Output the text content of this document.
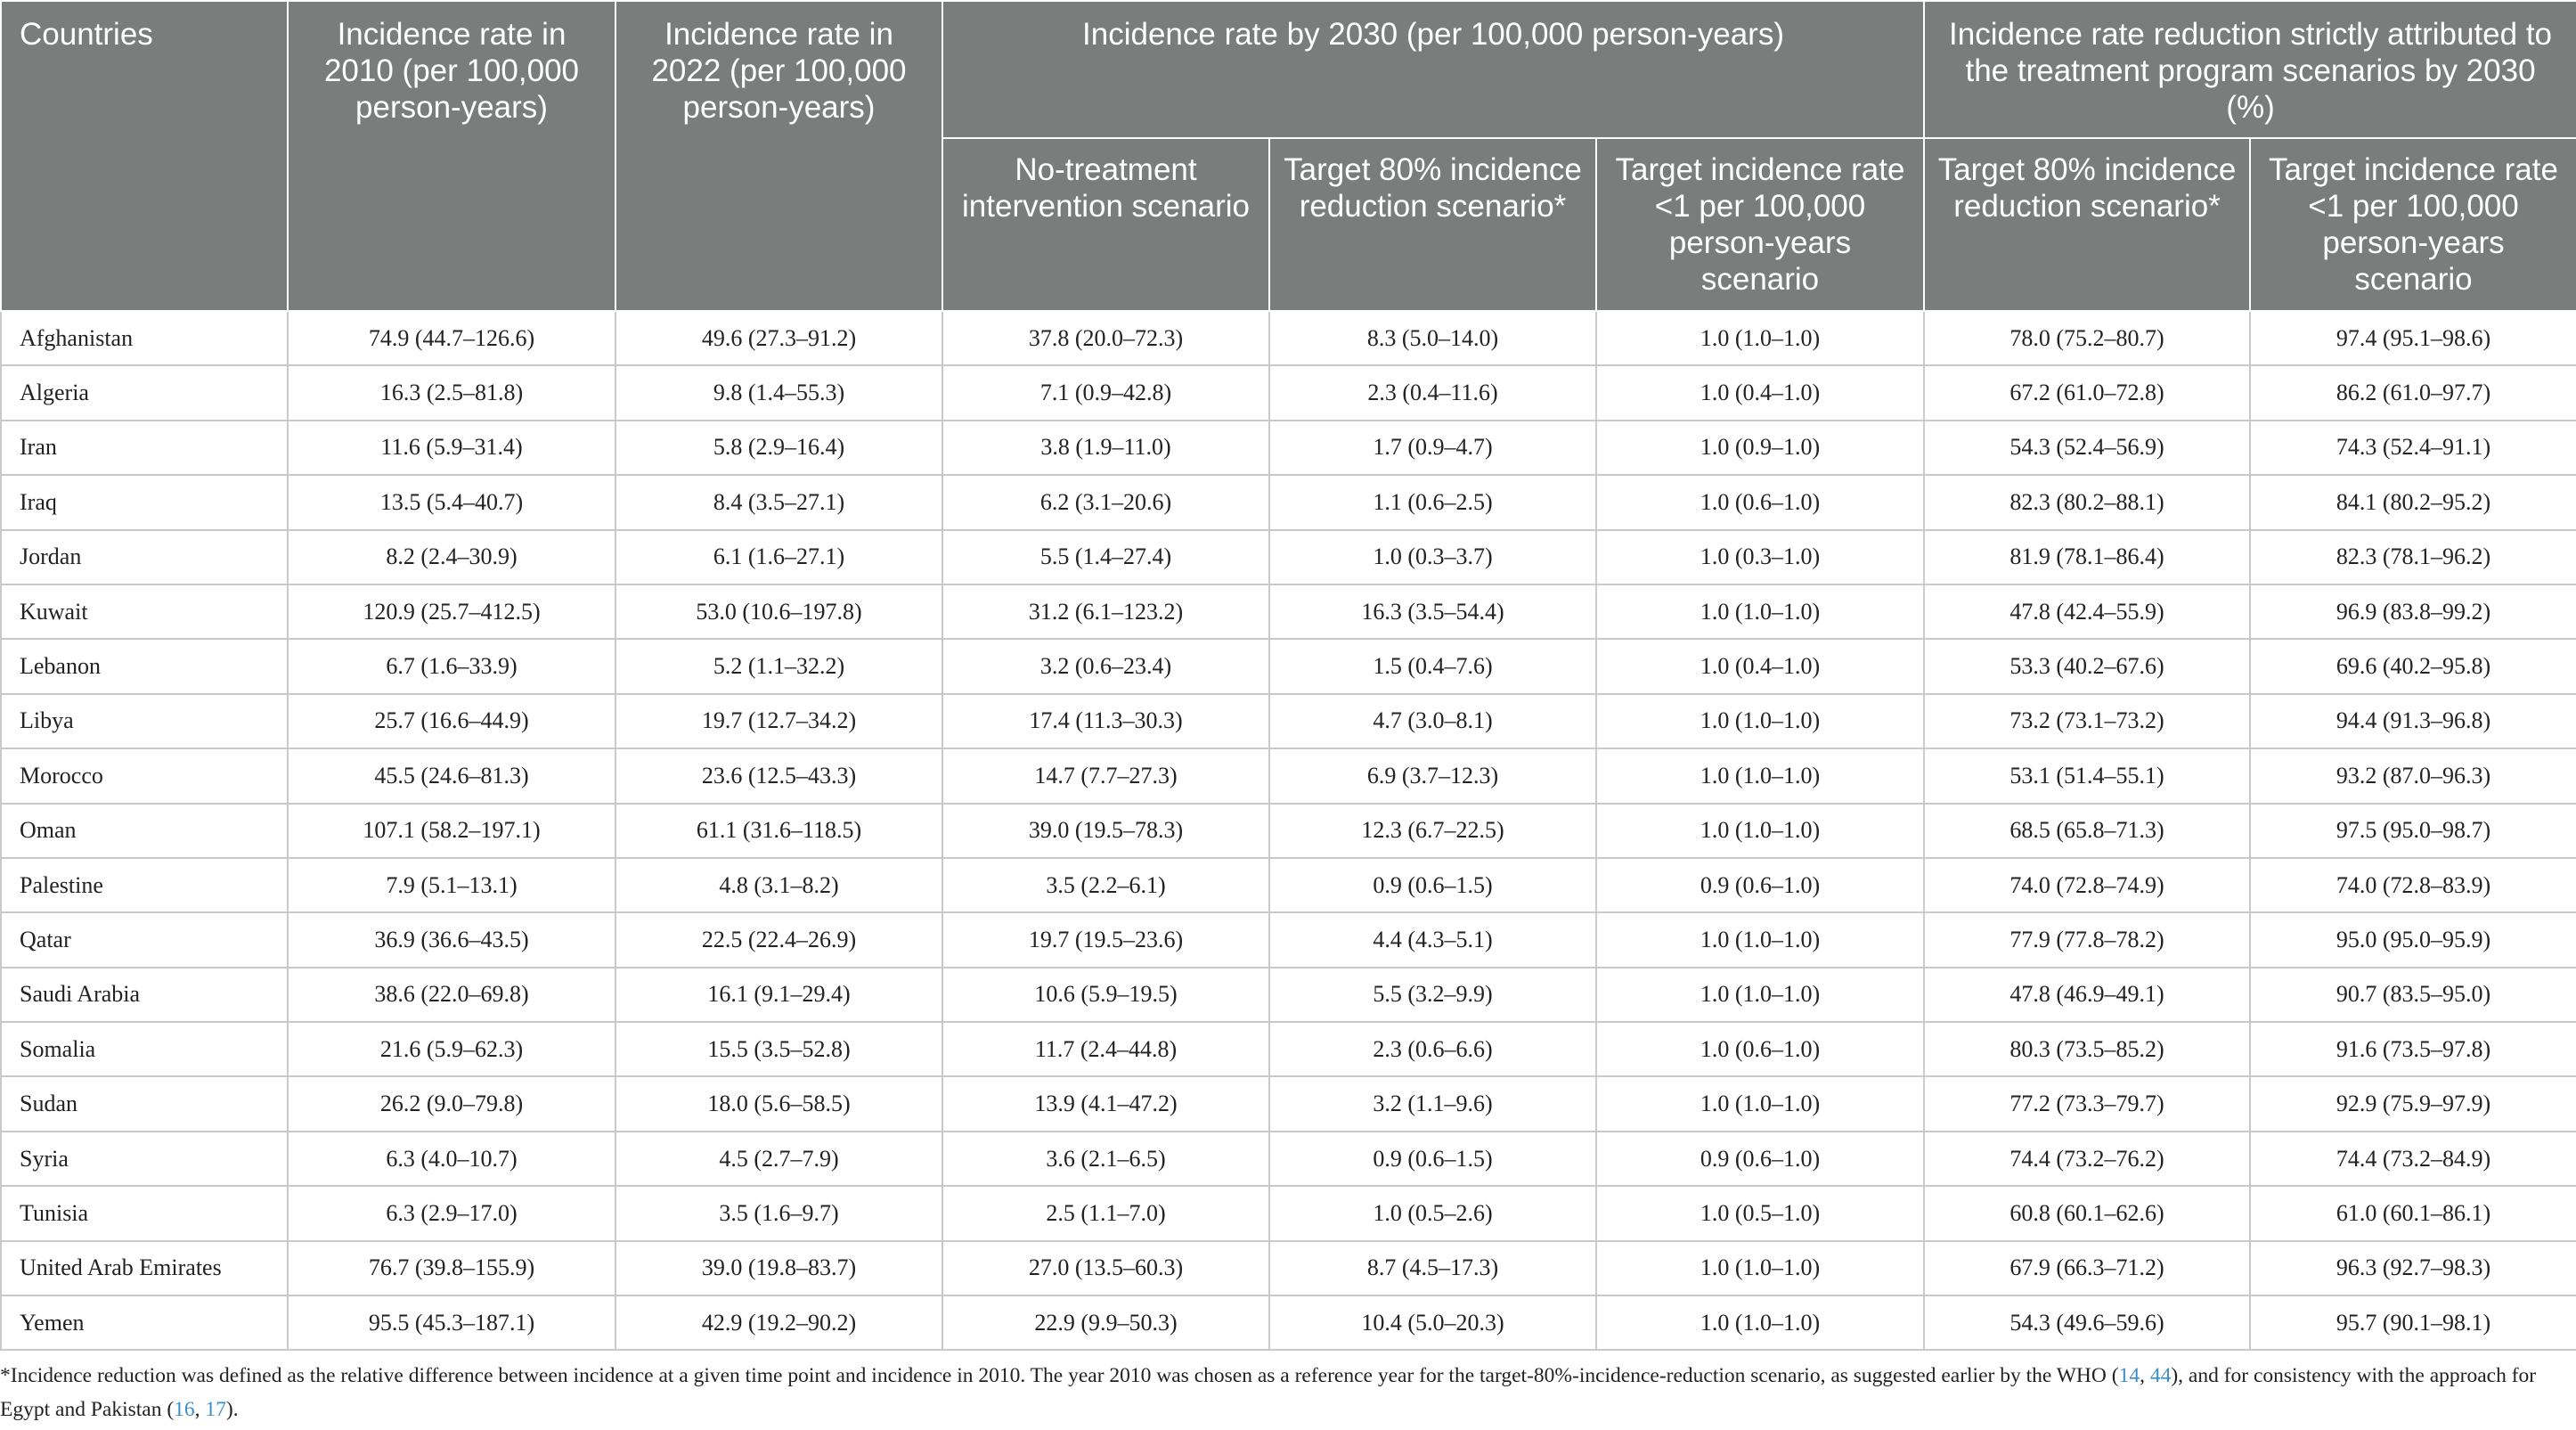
Countries	Incidence rate in 2010 (per 100,000 person-years)	Incidence rate in 2022 (per 100,000 person-years)	Incidence rate by 2030 (per 100,000 person-years)			Incidence rate reduction strictly attributed to the treatment program scenarios by 2030 (%)	
			No-treatment intervention scenario	Target 80% incidence reduction scenario*	Target incidence rate <1 per 100,000 person-years scenario	Target 80% incidence reduction scenario*	Target incidence rate <1 per 100,000 person-years scenario
Afghanistan	74.9 (44.7–126.6)	49.6 (27.3–91.2)	37.8 (20.0–72.3)	8.3 (5.0–14.0)	1.0 (1.0–1.0)	78.0 (75.2–80.7)	97.4 (95.1–98.6)
Algeria	16.3 (2.5–81.8)	9.8 (1.4–55.3)	7.1 (0.9–42.8)	2.3 (0.4–11.6)	1.0 (0.4–1.0)	67.2 (61.0–72.8)	86.2 (61.0–97.7)
Iran	11.6 (5.9–31.4)	5.8 (2.9–16.4)	3.8 (1.9–11.0)	1.7 (0.9–4.7)	1.0 (0.9–1.0)	54.3 (52.4–56.9)	74.3 (52.4–91.1)
Iraq	13.5 (5.4–40.7)	8.4 (3.5–27.1)	6.2 (3.1–20.6)	1.1 (0.6–2.5)	1.0 (0.6–1.0)	82.3 (80.2–88.1)	84.1 (80.2–95.2)
Jordan	8.2 (2.4–30.9)	6.1 (1.6–27.1)	5.5 (1.4–27.4)	1.0 (0.3–3.7)	1.0 (0.3–1.0)	81.9 (78.1–86.4)	82.3 (78.1–96.2)
Kuwait	120.9 (25.7–412.5)	53.0 (10.6–197.8)	31.2 (6.1–123.2)	16.3 (3.5–54.4)	1.0 (1.0–1.0)	47.8 (42.4–55.9)	96.9 (83.8–99.2)
Lebanon	6.7 (1.6–33.9)	5.2 (1.1–32.2)	3.2 (0.6–23.4)	1.5 (0.4–7.6)	1.0 (0.4–1.0)	53.3 (40.2–67.6)	69.6 (40.2–95.8)
Libya	25.7 (16.6–44.9)	19.7 (12.7–34.2)	17.4 (11.3–30.3)	4.7 (3.0–8.1)	1.0 (1.0–1.0)	73.2 (73.1–73.2)	94.4 (91.3–96.8)
Morocco	45.5 (24.6–81.3)	23.6 (12.5–43.3)	14.7 (7.7–27.3)	6.9 (3.7–12.3)	1.0 (1.0–1.0)	53.1 (51.4–55.1)	93.2 (87.0–96.3)
Oman	107.1 (58.2–197.1)	61.1 (31.6–118.5)	39.0 (19.5–78.3)	12.3 (6.7–22.5)	1.0 (1.0–1.0)	68.5 (65.8–71.3)	97.5 (95.0–98.7)
Palestine	7.9 (5.1–13.1)	4.8 (3.1–8.2)	3.5 (2.2–6.1)	0.9 (0.6–1.5)	0.9 (0.6–1.0)	74.0 (72.8–74.9)	74.0 (72.8–83.9)
Qatar	36.9 (36.6–43.5)	22.5 (22.4–26.9)	19.7 (19.5–23.6)	4.4 (4.3–5.1)	1.0 (1.0–1.0)	77.9 (77.8–78.2)	95.0 (95.0–95.9)
Saudi Arabia	38.6 (22.0–69.8)	16.1 (9.1–29.4)	10.6 (5.9–19.5)	5.5 (3.2–9.9)	1.0 (1.0–1.0)	47.8 (46.9–49.1)	90.7 (83.5–95.0)
Somalia	21.6 (5.9–62.3)	15.5 (3.5–52.8)	11.7 (2.4–44.8)	2.3 (0.6–6.6)	1.0 (0.6–1.0)	80.3 (73.5–85.2)	91.6 (73.5–97.8)
Sudan	26.2 (9.0–79.8)	18.0 (5.6–58.5)	13.9 (4.1–47.2)	3.2 (1.1–9.6)	1.0 (1.0–1.0)	77.2 (73.3–79.7)	92.9 (75.9–97.9)
Syria	6.3 (4.0–10.7)	4.5 (2.7–7.9)	3.6 (2.1–6.5)	0.9 (0.6–1.5)	0.9 (0.6–1.0)	74.4 (73.2–76.2)	74.4 (73.2–84.9)
Tunisia	6.3 (2.9–17.0)	3.5 (1.6–9.7)	2.5 (1.1–7.0)	1.0 (0.5–2.6)	1.0 (0.5–1.0)	60.8 (60.1–62.6)	61.0 (60.1–86.1)
United Arab Emirates	76.7 (39.8–155.9)	39.0 (19.8–83.7)	27.0 (13.5–60.3)	8.7 (4.5–17.3)	1.0 (1.0–1.0)	67.9 (66.3–71.2)	96.3 (92.7–98.3)
Yemen	95.5 (45.3–187.1)	42.9 (19.2–90.2)	22.9 (9.9–50.3)	10.4 (5.0–20.3)	1.0 (1.0–1.0)	54.3 (49.6–59.6)	95.7 (90.1–98.1)
*Incidence reduction was defined as the relative difference between incidence at a given time point and incidence in 2010. The year 2010 was chosen as a reference year for the target-80%-incidence-reduction scenario, as suggested earlier by the WHO (14, 44), and for consistency with the approach for Egypt and Pakistan (16, 17).
